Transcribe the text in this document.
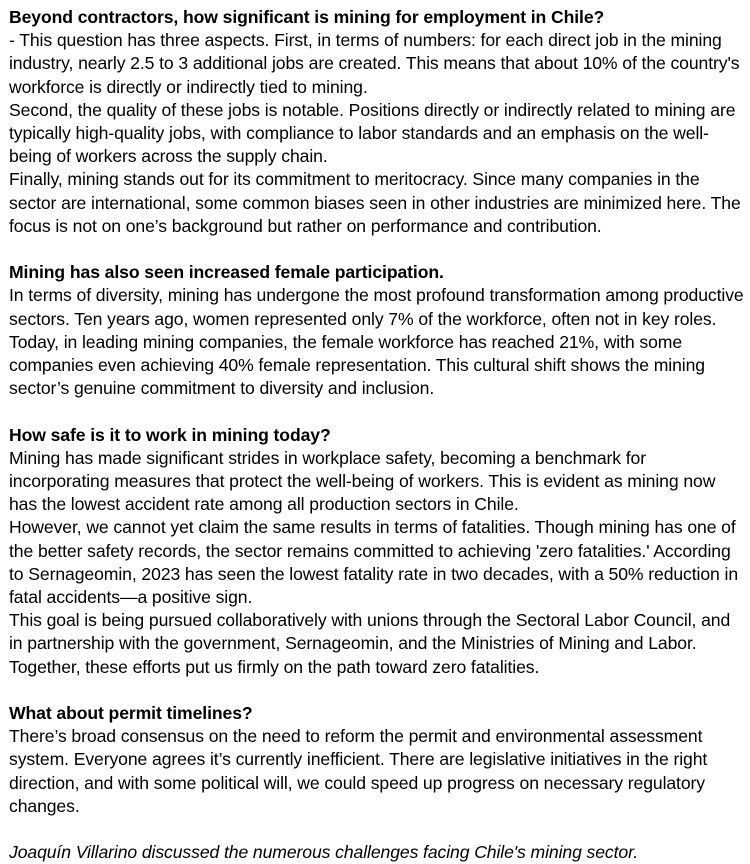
Beyond contractors, how significant is mining for employment in Chile?
- This question has three aspects. First, in terms of numbers: for each direct job in the mining industry, nearly 2.5 to 3 additional jobs are created. This means that about 10% of the country's workforce is directly or indirectly tied to mining.
Second, the quality of these jobs is notable. Positions directly or indirectly related to mining are typically high-quality jobs, with compliance to labor standards and an emphasis on the well-being of workers across the supply chain.
Finally, mining stands out for its commitment to meritocracy. Since many companies in the sector are international, some common biases seen in other industries are minimized here. The focus is not on one’s background but rather on performance and contribution.
Mining has also seen increased female participation.
In terms of diversity, mining has undergone the most profound transformation among productive sectors. Ten years ago, women represented only 7% of the workforce, often not in key roles. Today, in leading mining companies, the female workforce has reached 21%, with some companies even achieving 40% female representation. This cultural shift shows the mining sector’s genuine commitment to diversity and inclusion.
How safe is it to work in mining today?
Mining has made significant strides in workplace safety, becoming a benchmark for incorporating measures that protect the well-being of workers. This is evident as mining now has the lowest accident rate among all production sectors in Chile.
However, we cannot yet claim the same results in terms of fatalities. Though mining has one of the better safety records, the sector remains committed to achieving 'zero fatalities.' According to Sernageomin, 2023 has seen the lowest fatality rate in two decades, with a 50% reduction in fatal accidents—a positive sign.
This goal is being pursued collaboratively with unions through the Sectoral Labor Council, and in partnership with the government, Sernageomin, and the Ministries of Mining and Labor. Together, these efforts put us firmly on the path toward zero fatalities.
What about permit timelines?
There’s broad consensus on the need to reform the permit and environmental assessment system. Everyone agrees it’s currently inefficient. There are legislative initiatives in the right direction, and with some political will, we could speed up progress on necessary regulatory changes.
Joaquín Villarino discussed the numerous challenges facing Chile's mining sector.
